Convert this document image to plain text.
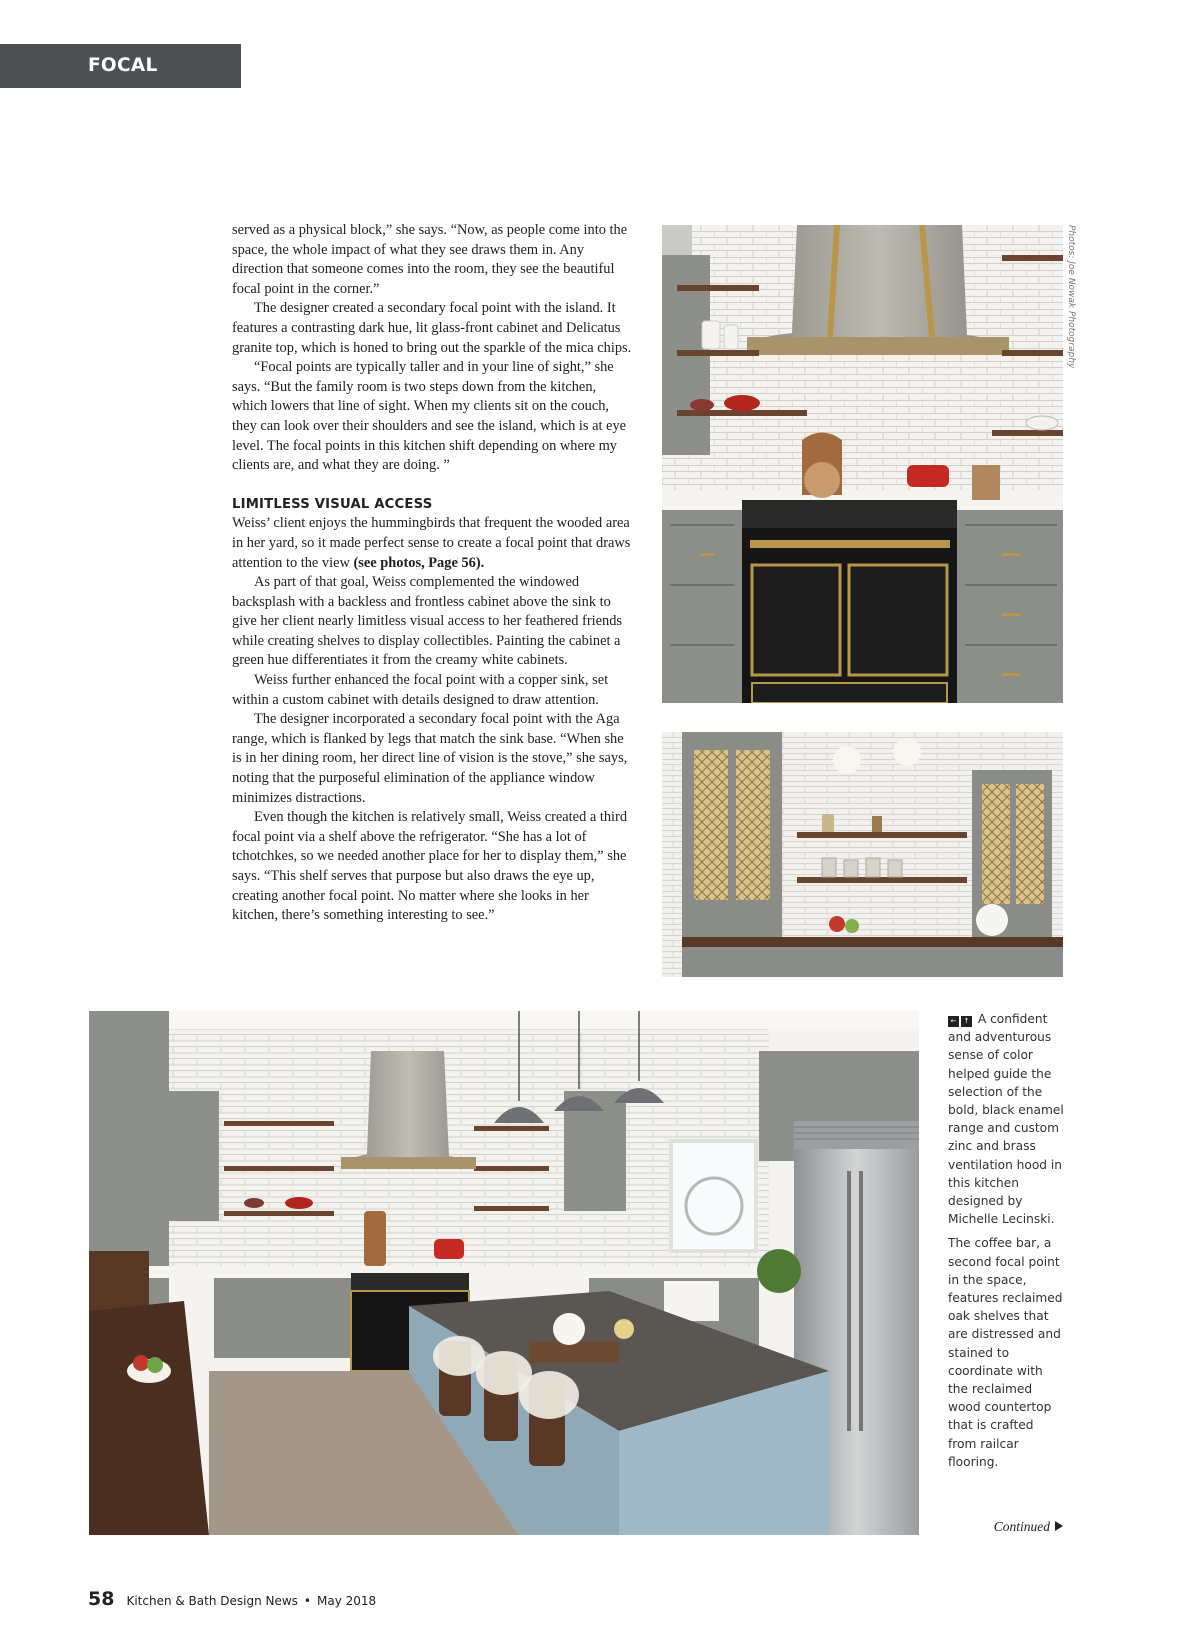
FOCAL POINTS

served as a physical block,” she says. “Now, as people come into the space, the whole impact of what they see draws them in. Any direction that someone comes into the room, they see the beautiful focal point in the corner.”

The designer created a secondary focal point with the island. It features a contrasting dark hue, lit glass-front cabinet and Delicatus granite top, which is honed to bring out the sparkle of the mica chips.

“Focal points are typically taller and in your line of sight,” she says. “But the family room is two steps down from the kitchen, which lowers that line of sight. When my clients sit on the couch, they can look over their shoulders and see the island, which is at eye level. The focal points in this kitchen shift depending on where my clients are, and what they are doing. ”

LIMITLESS VISUAL ACCESS

Weiss’ client enjoys the hummingbirds that frequent the wooded area in her yard, so it made perfect sense to create a focal point that draws attention to the view (see photos, Page 56).

As part of that goal, Weiss complemented the windowed backsplash with a backless and frontless cabinet above the sink to give her client nearly limitless visual access to her feathered friends while creating shelves to display collectibles. Painting the cabinet a green hue differentiates it from the creamy white cabinets.

Weiss further enhanced the focal point with a copper sink, set within a custom cabinet with details designed to draw attention.

The designer incorporated a secondary focal point with the Aga range, which is flanked by legs that match the sink base. “When she is in her dining room, her direct line of vision is the stove,” she says, noting that the purposeful elimination of the appliance window minimizes distractions.

Even though the kitchen is relatively small, Weiss created a third focal point via a shelf above the refrigerator. “She has a lot of tchotchkes, so we needed another place for her to display them,” she says. “This shelf serves that purpose but also draws the eye up, creating another focal point. No matter where she looks in her kitchen, there’s something interesting to see.”

Photos: Joe Nowak Photography

← ↑ A confident and adventurous sense of color helped guide the selection of the bold, black enamel range and custom zinc and brass ventilation hood in this kitchen designed by Michelle Lecinski.

The coffee bar, a second focal point in the space, features reclaimed oak shelves that are distressed and stained to coordinate with the reclaimed wood countertop that is crafted from railcar flooring.

Continued
58 Kitchen & Bath Design News • May 2018
